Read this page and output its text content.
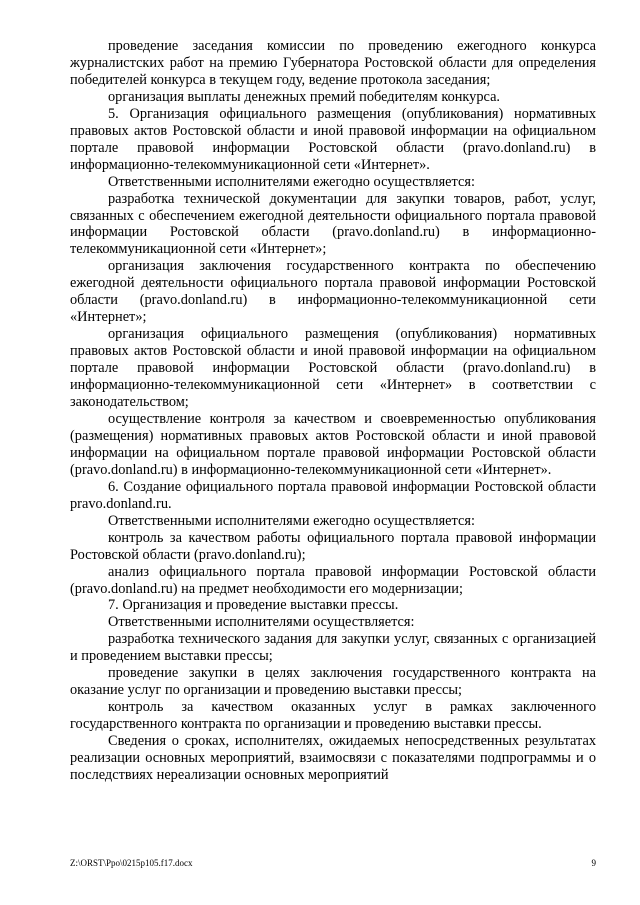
проведение заседания комиссии по проведению ежегодного конкурса журналистских работ на премию Губернатора Ростовской области для определения победителей конкурса в текущем году, ведение протокола заседания;

организация выплаты денежных премий победителям конкурса.

5. Организация официального размещения (опубликования) нормативных правовых актов Ростовской области и иной правовой информации на официальном портале правовой информации Ростовской области (pravo.donland.ru) в информационно-телекоммуникационной сети «Интернет».

Ответственными исполнителями ежегодно осуществляется:

разработка технической документации для закупки товаров, работ, услуг, связанных с обеспечением ежегодной деятельности официального портала правовой информации Ростовской области (pravo.donland.ru) в информационно-телекоммуникационной сети «Интернет»;

организация заключения государственного контракта по обеспечению ежегодной деятельности официального портала правовой информации Ростовской области (pravo.donland.ru) в информационно-телекоммуникационной сети «Интернет»;

организация официального размещения (опубликования) нормативных правовых актов Ростовской области и иной правовой информации на официальном портале правовой информации Ростовской области (pravo.donland.ru) в информационно-телекоммуникационной сети «Интернет» в соответствии с законодательством;

осуществление контроля за качеством и своевременностью опубликования (размещения) нормативных правовых актов Ростовской области и иной правовой информации на официальном портале правовой информации Ростовской области (pravo.donland.ru) в информационно-телекоммуникационной сети «Интернет».

6. Создание официального портала правовой информации Ростовской области pravo.donland.ru.

Ответственными исполнителями ежегодно осуществляется:

контроль за качеством работы официального портала правовой информации Ростовской области (pravo.donland.ru);

анализ официального портала правовой информации Ростовской области (pravo.donland.ru) на предмет необходимости его модернизации;

7. Организация и проведение выставки прессы.

Ответственными исполнителями осуществляется:

разработка технического задания для закупки услуг, связанных с организацией и проведением выставки прессы;

проведение закупки в целях заключения государственного контракта на оказание услуг по организации и проведению выставки прессы;

контроль за качеством оказанных услуг в рамках заключенного государственного контракта по организации и проведению выставки прессы.

Сведения о сроках, исполнителях, ожидаемых непосредственных результатах реализации основных мероприятий, взаимосвязи с показателями подпрограммы и о последствиях нереализации основных мероприятий

Z:\ORST\Ppo\0215p105.f17.docx	9
